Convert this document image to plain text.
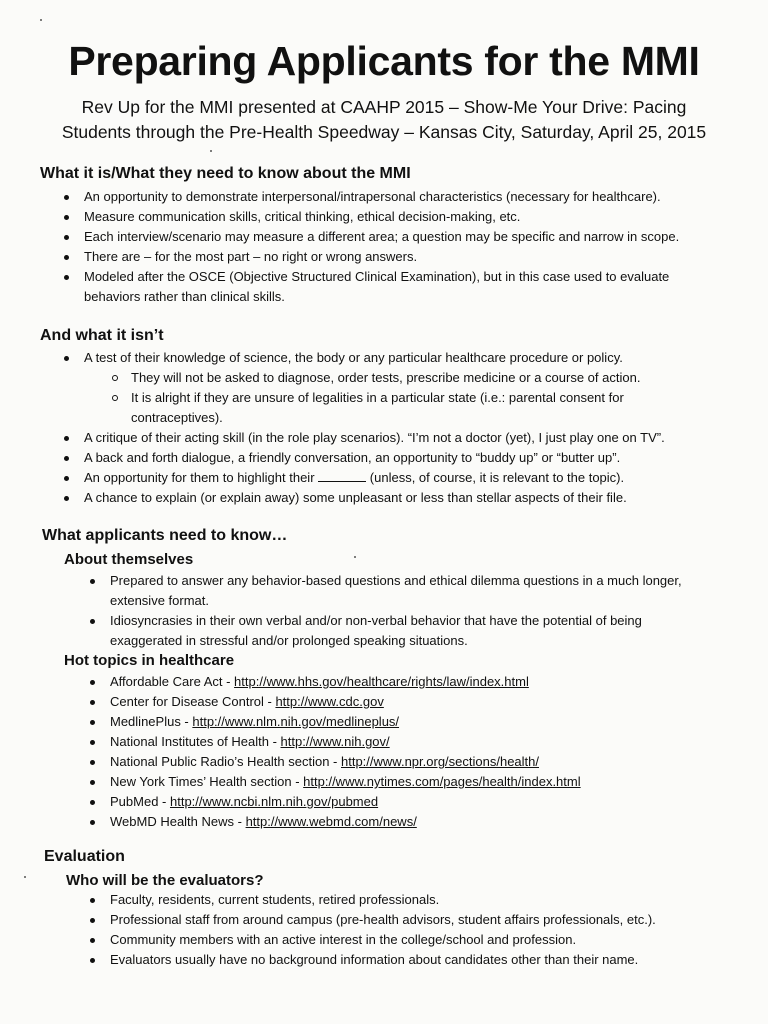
Preparing Applicants for the MMI
Rev Up for the MMI presented at CAAHP 2015 – Show-Me Your Drive: Pacing
Students through the Pre-Health Speedway – Kansas City, Saturday, April 25, 2015
What it is/What they need to know about the MMI
An opportunity to demonstrate interpersonal/intrapersonal characteristics (necessary for healthcare).
Measure communication skills, critical thinking, ethical decision-making, etc.
Each interview/scenario may measure a different area; a question may be specific and narrow in scope.
There are – for the most part – no right or wrong answers.
Modeled after the OSCE (Objective Structured Clinical Examination), but in this case used to evaluate
behaviors rather than clinical skills.
And what it isn’t
A test of their knowledge of science, the body or any particular healthcare procedure or policy.
They will not be asked to diagnose, order tests, prescribe medicine or a course of action.
It is alright if they are unsure of legalities in a particular state (i.e.: parental consent for
contraceptives).
A critique of their acting skill (in the role play scenarios). “I’m not a doctor (yet), I just play one on TV”.
A back and forth dialogue, a friendly conversation, an opportunity to “buddy up” or “butter up”.
An opportunity for them to highlight their	(unless, of course, it is relevant to the topic).
A chance to explain (or explain away) some unpleasant or less than stellar aspects of their file.
What applicants need to know…
About themselves
Prepared to answer any behavior-based questions and ethical dilemma questions in a much longer,
extensive format.
Idiosyncrasies in their own verbal and/or non-verbal behavior that have the potential of being
exaggerated in stressful and/or prolonged speaking situations.
Hot topics in healthcare
Affordable Care Act - http://www.hhs.gov/healthcare/rights/law/index.html
Center for Disease Control - http://www.cdc.gov
MedlinePlus - http://www.nlm.nih.gov/medlineplus/
National Institutes of Health - http://www.nih.gov/
National Public Radio’s Health section - http://www.npr.org/sections/health/
New York Times’ Health section - http://www.nytimes.com/pages/health/index.html
PubMed - http://www.ncbi.nlm.nih.gov/pubmed
WebMD Health News - http://www.webmd.com/news/
Evaluation
Who will be the evaluators?
Faculty, residents, current students, retired professionals.
Professional staff from around campus (pre-health advisors, student affairs professionals, etc.).
Community members with an active interest in the college/school and profession.
Evaluators usually have no background information about candidates other than their name.
